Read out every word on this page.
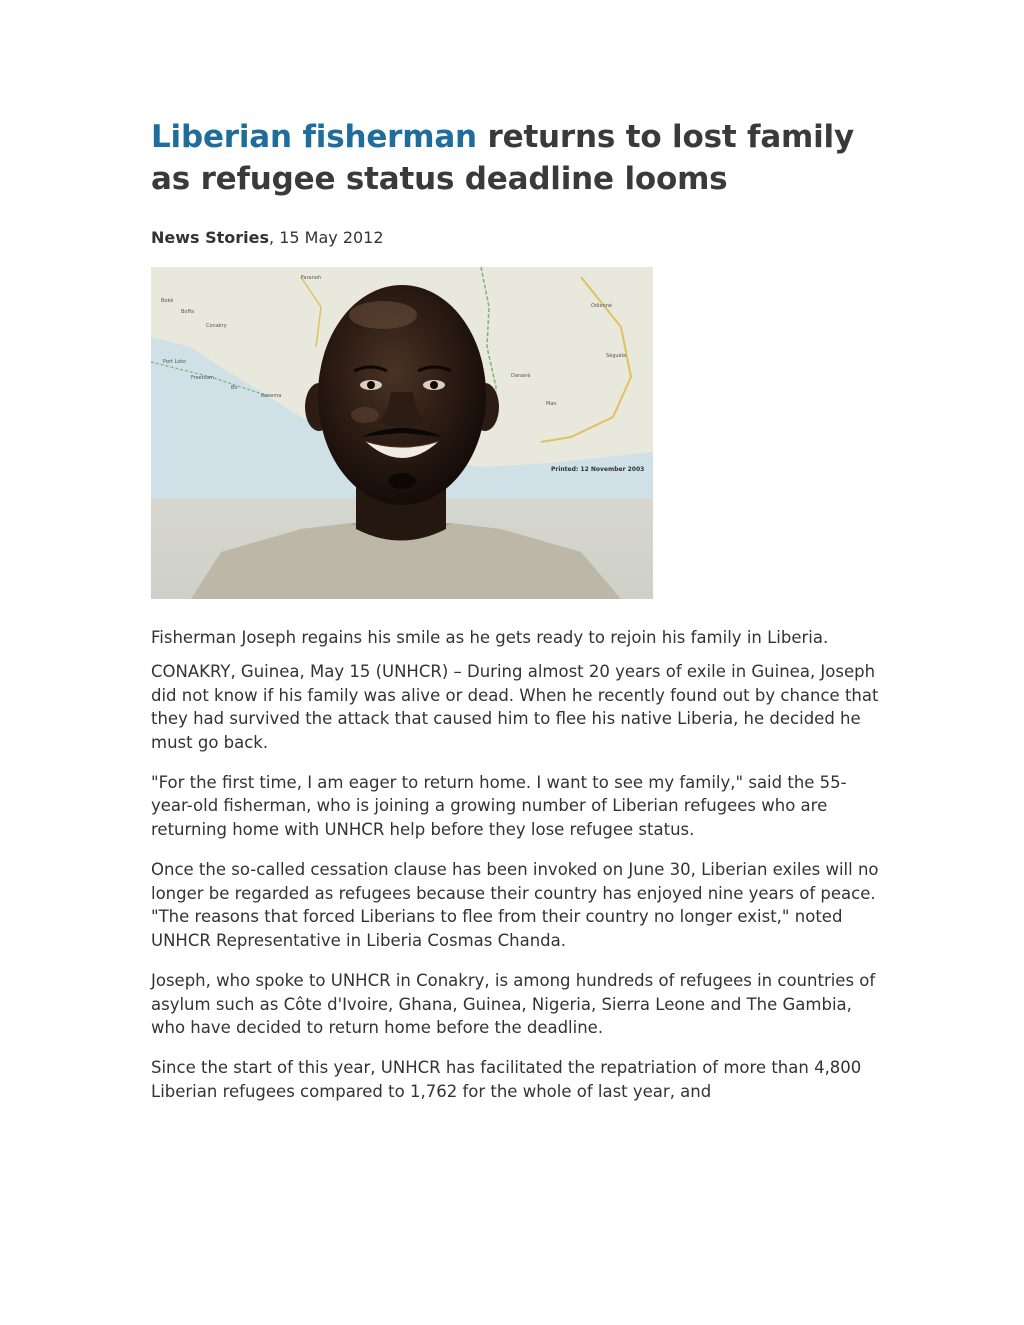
Liberian fisherman returns to lost family as refugee status deadline looms
News Stories, 15 May 2012
Boké
Boffa
Conakry
Port Loko
Freetown
Bo
Kenema
Faranah
Danané
Man
Odienné
Séguéla
Printed: 12 November 2003
Fisherman Joseph regains his smile as he gets ready to rejoin his family in Liberia.

CONAKRY, Guinea, May 15 (UNHCR) – During almost 20 years of exile in Guinea, Joseph did not know if his family was alive or dead. When he recently found out by chance that they had survived the attack that caused him to flee his native Liberia, he decided he must go back.

"For the first time, I am eager to return home. I want to see my family," said the 55-year-old fisherman, who is joining a growing number of Liberian refugees who are returning home with UNHCR help before they lose refugee status.

Once the so-called cessation clause has been invoked on June 30, Liberian exiles will no longer be regarded as refugees because their country has enjoyed nine years of peace. "The reasons that forced Liberians to flee from their country no longer exist," noted UNHCR Representative in Liberia Cosmas Chanda.

Joseph, who spoke to UNHCR in Conakry, is among hundreds of refugees in countries of asylum such as Côte d'Ivoire, Ghana, Guinea, Nigeria, Sierra Leone and The Gambia, who have decided to return home before the deadline.

Since the start of this year, UNHCR has facilitated the repatriation of more than 4,800 Liberian refugees compared to 1,762 for the whole of last year, and
